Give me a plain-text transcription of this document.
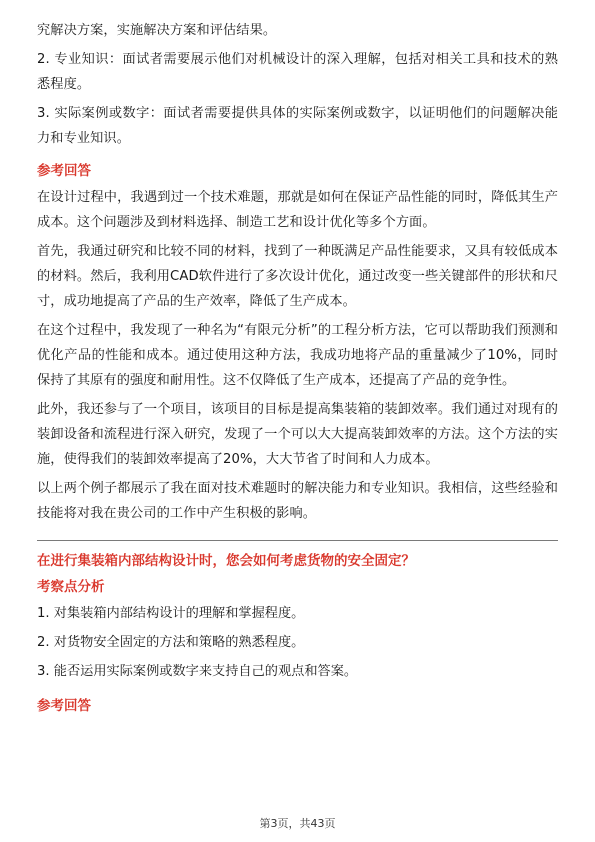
究解决方案，实施解决方案和评估结果。

2. 专业知识：面试者需要展示他们对机械设计的深入理解，包括对相关工具和技术的熟悉程度。

3. 实际案例或数字：面试者需要提供具体的实际案例或数字，以证明他们的问题解决能力和专业知识。

参考回答

在设计过程中，我遇到过一个技术难题，那就是如何在保证产品性能的同时，降低其生产成本。这个问题涉及到材料选择、制造工艺和设计优化等多个方面。

首先，我通过研究和比较不同的材料，找到了一种既满足产品性能要求，又具有较低成本的材料。然后，我利用CAD软件进行了多次设计优化，通过改变一些关键部件的形状和尺寸，成功地提高了产品的生产效率，降低了生产成本。

在这个过程中，我发现了一种名为“有限元分析”的工程分析方法，它可以帮助我们预测和优化产品的性能和成本。通过使用这种方法，我成功地将产品的重量减少了10%，同时保持了其原有的强度和耐用性。这不仅降低了生产成本，还提高了产品的竞争性。

此外，我还参与了一个项目，该项目的目标是提高集装箱的装卸效率。我们通过对现有的装卸设备和流程进行深入研究，发现了一个可以大大提高装卸效率的方法。这个方法的实施，使得我们的装卸效率提高了20%，大大节省了时间和人力成本。

以上两个例子都展示了我在面对技术难题时的解决能力和专业知识。我相信，这些经验和技能将对我在贵公司的工作中产生积极的影响。

在进行集装箱内部结构设计时，您会如何考虑货物的安全固定？
考察点分析
1. 对集装箱内部结构设计的理解和掌握程度。
2. 对货物安全固定的方法和策略的熟悉程度。
3. 能否运用实际案例或数字来支持自己的观点和答案。
参考回答
第3页，共43页
